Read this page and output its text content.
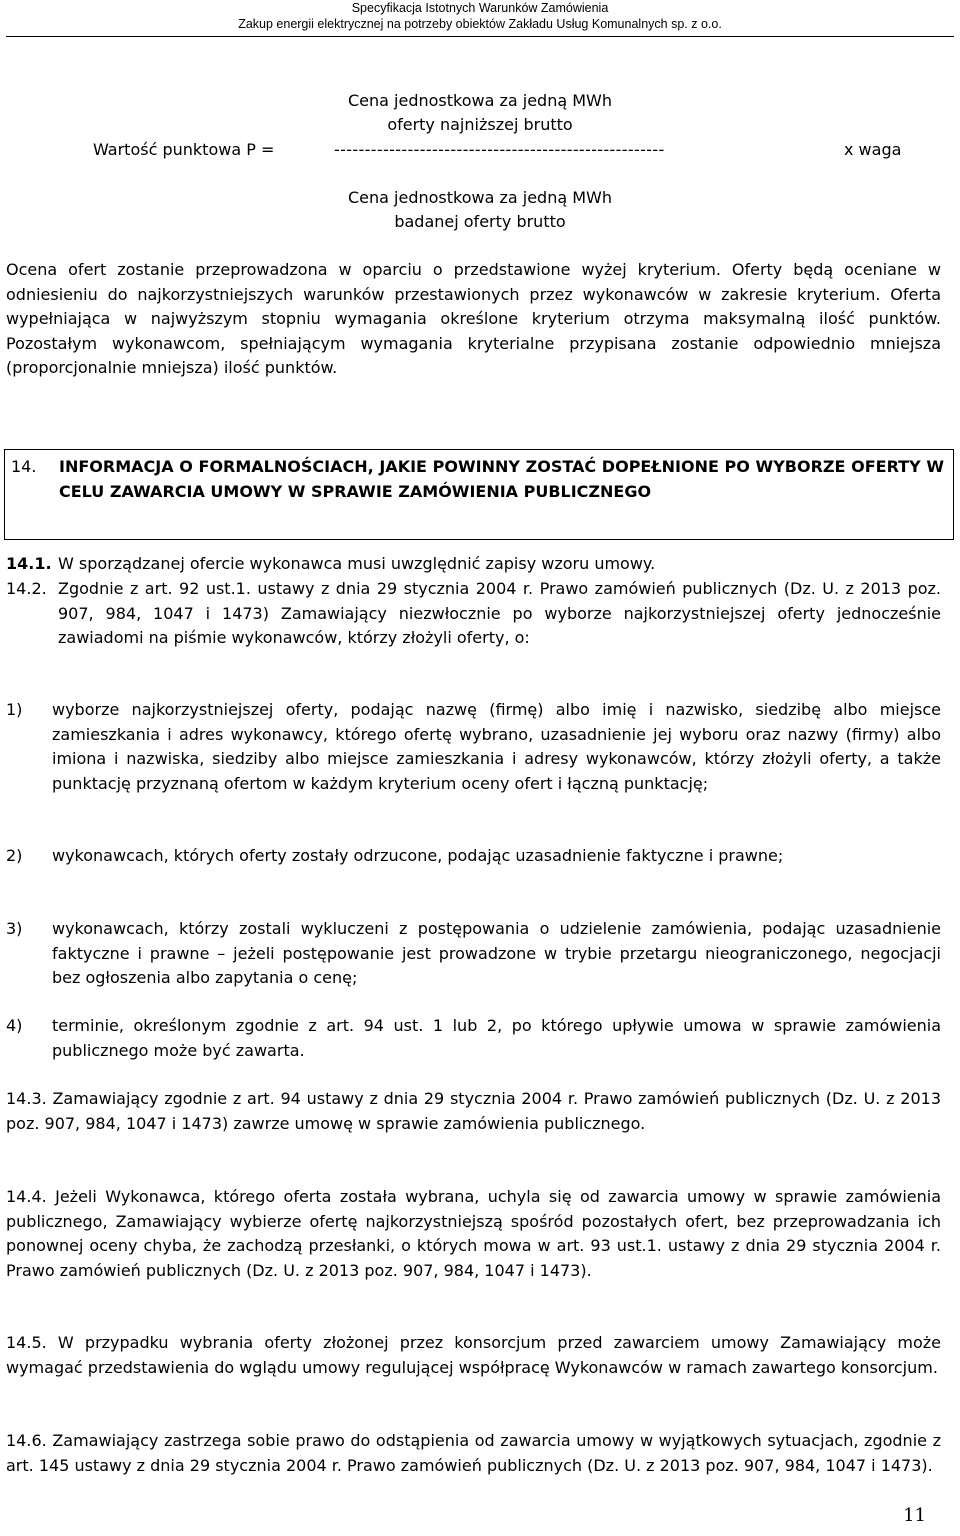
Specyfikacja Istotnych Warunków Zamówienia
Zakup energii elektrycznej na potrzeby obiektów Zakładu Usług Komunalnych sp. z o.o.
Cena jednostkowa za jedną MWh
oferty najniższej brutto
Wartość punktowa P =	------------------------------------------------------	x waga
Cena jednostkowa za jedną MWh
badanej oferty brutto
Ocena ofert zostanie przeprowadzona w oparciu o przedstawione wyżej kryterium. Oferty będą oceniane w odniesieniu do najkorzystniejszych warunków przestawionych przez wykonawców w zakresie kryterium. Oferta wypełniająca w najwyższym stopniu wymagania określone kryterium otrzyma maksymalną ilość punktów. Pozostałym wykonawcom, spełniającym wymagania kryterialne przypisana zostanie odpowiednio mniejsza (proporcjonalnie mniejsza) ilość punktów.
14. INFORMACJA O FORMALNOŚCIACH, JAKIE POWINNY ZOSTAĆ DOPEŁNIONE PO WYBORZE OFERTY W CELU ZAWARCIA UMOWY W SPRAWIE ZAMÓWIENIA PUBLICZNEGO
14.1. W sporządzanej ofercie wykonawca musi uwzględnić zapisy wzoru umowy.
14.2. Zgodnie z art. 92 ust.1. ustawy z dnia 29 stycznia 2004 r. Prawo zamówień publicznych (Dz. U. z 2013 poz. 907, 984, 1047 i 1473) Zamawiający niezwłocznie po wyborze najkorzystniejszej oferty jednocześnie zawiadomi na piśmie wykonawców, którzy złożyli oferty, o:
1) wyborze najkorzystniejszej oferty, podając nazwę (firmę) albo imię i nazwisko, siedzibę albo miejsce zamieszkania i adres wykonawcy, którego ofertę wybrano, uzasadnienie jej wyboru oraz nazwy (firmy) albo imiona i nazwiska, siedziby albo miejsce zamieszkania i adresy wykonawców, którzy złożyli oferty, a także punktację przyznaną ofertom w każdym kryterium oceny ofert i łączną punktację;
2) wykonawcach, których oferty zostały odrzucone, podając uzasadnienie faktyczne i prawne;
3) wykonawcach, którzy zostali wykluczeni z postępowania o udzielenie zamówienia, podając uzasadnienie faktyczne i prawne – jeżeli postępowanie jest prowadzone w trybie przetargu nieograniczonego, negocjacji bez ogłoszenia albo zapytania o cenę;
4) terminie, określonym zgodnie z art. 94 ust. 1 lub 2, po którego upływie umowa w sprawie zamówienia publicznego może być zawarta.
14.3. Zamawiający zgodnie z art. 94 ustawy z dnia 29 stycznia 2004 r. Prawo zamówień publicznych (Dz. U. z 2013 poz. 907, 984, 1047 i 1473) zawrze umowę w sprawie zamówienia publicznego.
14.4. Jeżeli Wykonawca, którego oferta została wybrana, uchyla się od zawarcia umowy w sprawie zamówienia publicznego, Zamawiający wybierze ofertę najkorzystniejszą spośród pozostałych ofert, bez przeprowadzania ich ponownej oceny chyba, że zachodzą przesłanki, o których mowa w art. 93 ust.1. ustawy z dnia 29 stycznia 2004 r. Prawo zamówień publicznych (Dz. U. z 2013 poz. 907, 984, 1047 i 1473).
14.5. W przypadku wybrania oferty złożonej przez konsorcjum przed zawarciem umowy Zamawiający może wymagać przedstawienia do wglądu umowy regulującej współpracę Wykonawców w ramach zawartego konsorcjum.
14.6. Zamawiający zastrzega sobie prawo do odstąpienia od zawarcia umowy w wyjątkowych sytuacjach, zgodnie z art. 145 ustawy z dnia 29 stycznia 2004 r. Prawo zamówień publicznych (Dz. U. z 2013 poz. 907, 984, 1047 i 1473).
11
